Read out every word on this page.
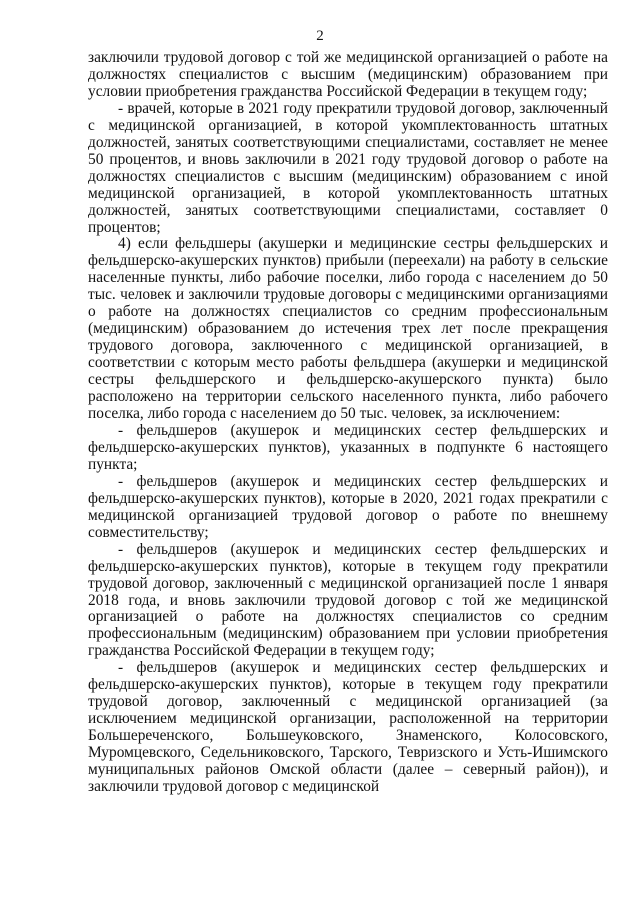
2

заключили трудовой договор с той же медицинской организацией о работе на должностях специалистов с высшим (медицинским) образованием при условии приобретения гражданства Российской Федерации в текущем году;

- врачей, которые в 2021 году прекратили трудовой договор, заключенный с медицинской организацией, в которой укомплектованность штатных должностей, занятых соответствующими специалистами, составляет не менее 50 процентов, и вновь заключили в 2021 году трудовой договор о работе на должностях специалистов с высшим (медицинским) образованием с иной медицинской организацией, в которой укомплектованность штатных должностей, занятых соответствующими специалистами, составляет 0 процентов;

4) если фельдшеры (акушерки и медицинские сестры фельдшерских и фельдшерско-акушерских пунктов) прибыли (переехали) на работу в сельские населенные пункты, либо рабочие поселки, либо города с населением до 50 тыс. человек и заключили трудовые договоры с медицинскими организациями о работе на должностях специалистов со средним профессиональным (медицинским) образованием до истечения трех лет после прекращения трудового договора, заключенного с медицинской организацией, в соответствии с которым место работы фельдшера (акушерки и медицинской сестры фельдшерского и фельдшерско-акушерского пункта) было расположено на территории сельского населенного пункта, либо рабочего поселка, либо города с населением до 50 тыс. человек, за исключением:

- фельдшеров (акушерок и медицинских сестер фельдшерских и фельдшерско-акушерских пунктов), указанных в подпункте 6 настоящего пункта;

- фельдшеров (акушерок и медицинских сестер фельдшерских и фельдшерско-акушерских пунктов), которые в 2020, 2021 годах прекратили с медицинской организацией трудовой договор о работе по внешнему совместительству;

- фельдшеров (акушерок и медицинских сестер фельдшерских и фельдшерско-акушерских пунктов), которые в текущем году прекратили трудовой договор, заключенный с медицинской организацией после 1 января 2018 года, и вновь заключили трудовой договор с той же медицинской организацией о работе на должностях специалистов со средним профессиональным (медицинским) образованием при условии приобретения гражданства Российской Федерации в текущем году;

- фельдшеров (акушерок и медицинских сестер фельдшерских и фельдшерско-акушерских пунктов), которые в текущем году прекратили трудовой договор, заключенный с медицинской организацией (за исключением медицинской организации, расположенной на территории Большереченского, Большеуковского, Знаменского, Колосовского, Муромцевского, Седельниковского, Тарского, Тевризского и Усть-Ишимского муниципальных районов Омской области (далее – северный район)), и заключили трудовой договор с медицинской
